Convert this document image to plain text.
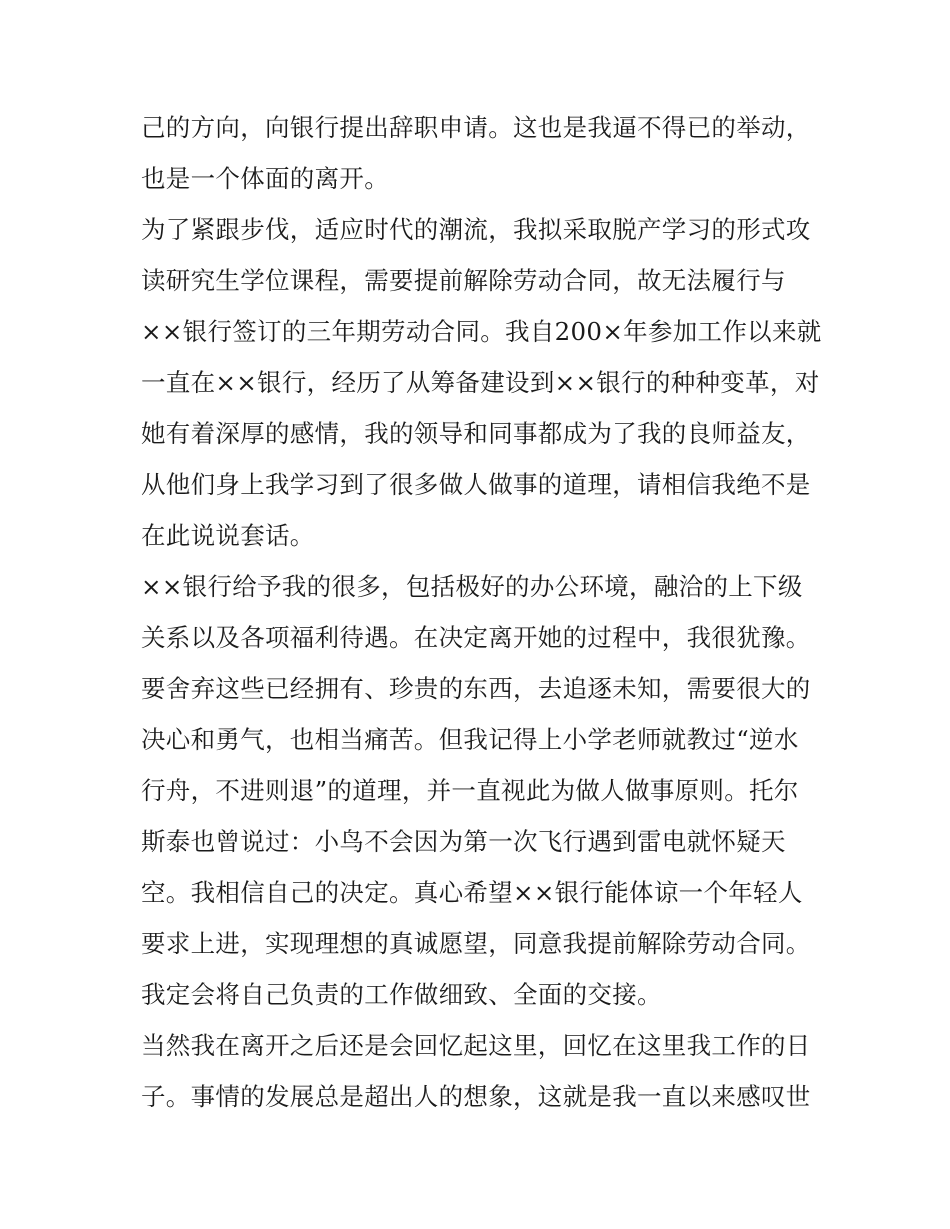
己的方向，向银行提出辞职申请。这也是我逼不得已的举动，
也是一个体面的离开。
为了紧跟步伐，适应时代的潮流，我拟采取脱产学习的形式攻
读研究生学位课程，需要提前解除劳动合同，故无法履行与
××银行签订的三年期劳动合同。我自200×年参加工作以来就
一直在××银行，经历了从筹备建设到××银行的种种变革，对
她有着深厚的感情，我的领导和同事都成为了我的良师益友，
从他们身上我学习到了很多做人做事的道理，请相信我绝不是
在此说说套话。
××银行给予我的很多，包括极好的办公环境，融洽的上下级
关系以及各项福利待遇。在决定离开她的过程中，我很犹豫。
要舍弃这些已经拥有、珍贵的东西，去追逐未知，需要很大的
决心和勇气，也相当痛苦。但我记得上小学老师就教过“逆水
行舟，不进则退”的道理，并一直视此为做人做事原则。托尔
斯泰也曾说过：小鸟不会因为第一次飞行遇到雷电就怀疑天
空。我相信自己的决定。真心希望××银行能体谅一个年轻人
要求上进，实现理想的真诚愿望，同意我提前解除劳动合同。
我定会将自己负责的工作做细致、全面的交接。
当然我在离开之后还是会回忆起这里，回忆在这里我工作的日
子。事情的发展总是超出人的想象，这就是我一直以来感叹世
